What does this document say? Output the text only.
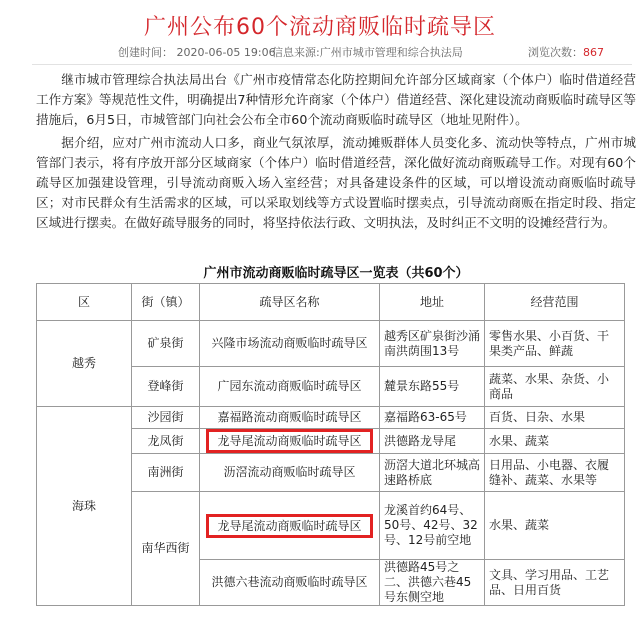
广州公布60个流动商贩临时疏导区
创建时间： 2020-06-05 19:06
信息来源:广州市城市管理和综合执法局	浏览次数：867

继市城市管理综合执法局出台《广州市疫情常态化防控期间允许部分区域商家（个体户）临时借道经营工作方案》等规范性文件，明确提出7种情形允许商家（个体户）借道经营、深化建设流动商贩临时疏导区等措施后，6月5日，市城管部门向社会公布全市60个流动商贩临时疏导区（地址见附件）。

据介绍，应对广州市流动人口多，商业气氛浓厚，流动摊贩群体人员变化多、流动快等特点，广州市城管部门表示，将有序放开部分区域商家（个体户）临时借道经营，深化做好流动商贩疏导工作。对现有60个疏导区加强建设管理，引导流动商贩入场入室经营；对具备建设条件的区域，可以增设流动商贩临时疏导区；对市民群众有生活需求的区域，可以采取划线等方式设置临时摆卖点，引导流动商贩在指定时段、指定区域进行摆卖。在做好疏导服务的同时，将坚持依法行政、文明执法，及时纠正不文明的设摊经营行为。

广州市流动商贩临时疏导区一览表（共60个）
区	街（镇）	疏导区名称	地址	经营范围
越秀	矿泉街	兴隆市场流动商贩临时疏导区	越秀区矿泉街沙涌南洪荫围13号	零售水果、小百货、干果类产品、鲜蔬
	登峰街	广园东流动商贩临时疏导区	麓景东路55号	蔬菜、水果、杂货、小商品
海珠	沙园街	嘉福路流动商贩临时疏导区	嘉福路63-65号	百货、日杂、水果
	龙凤街	龙导尾流动商贩临时疏导区	洪德路龙导尾	水果、蔬菜
	南洲街	沥滘流动商贩临时疏导区	沥滘大道北环城高速路桥底	日用品、小电器、衣履缝补、蔬菜、水果等
	南华西街	龙导尾流动商贩临时疏导区	龙溪首约64号、50号、42号、32号、12号前空地	水果、蔬菜
		洪德六巷流动商贩临时疏导区	洪德路45号之二、洪德六巷45号东侧空地	文具、学习用品、工艺品、日用百货
